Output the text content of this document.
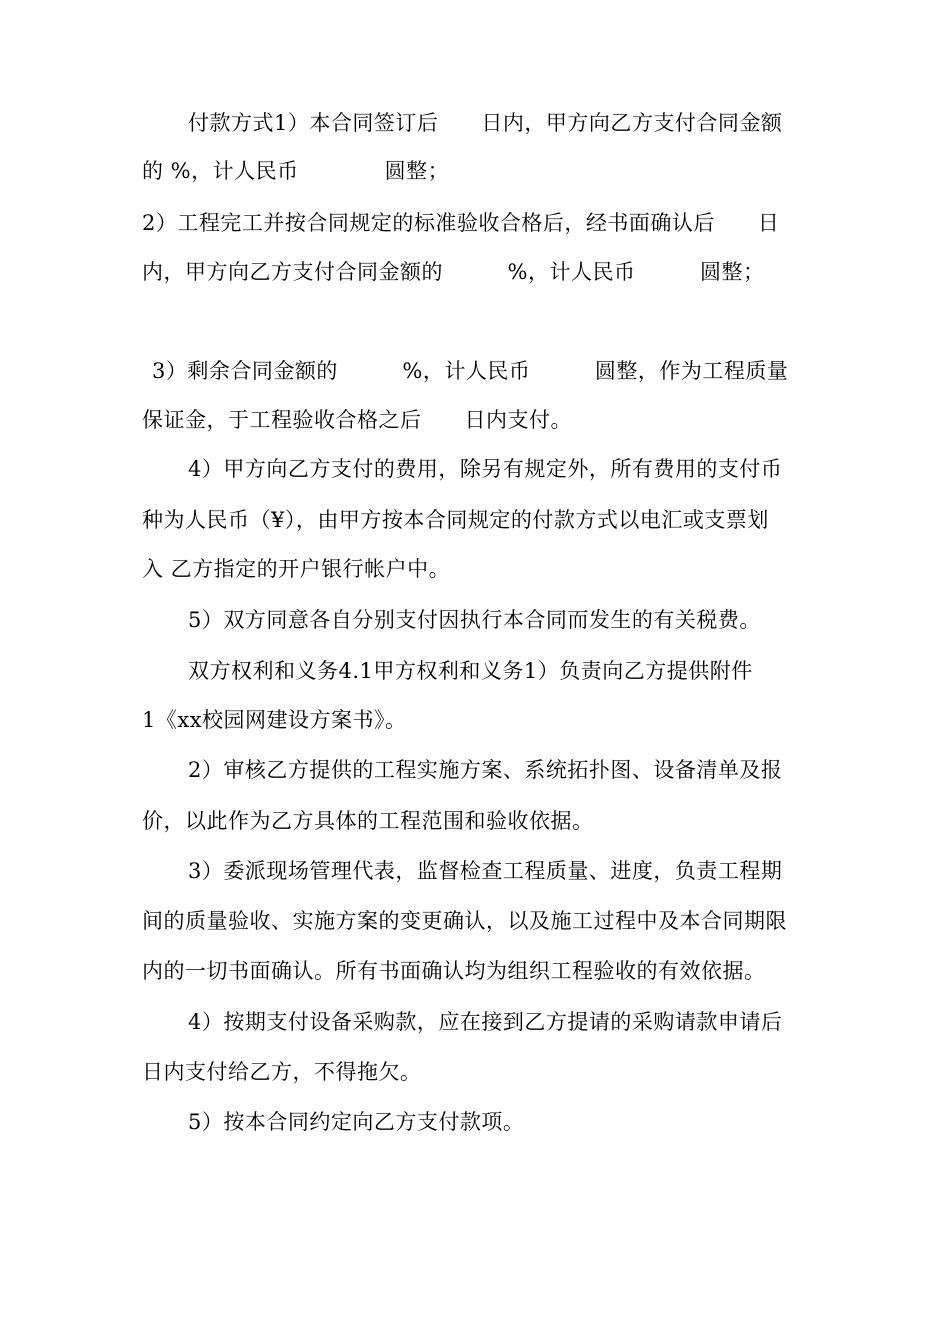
付款方式1）本合同签订后　　日内，甲方向乙方支付合同金额
的 %，计人民币　　　　圆整；
2）工程完工并按合同规定的标准验收合格后，经书面确认后　　日
内，甲方向乙方支付合同金额的　　　%，计人民币　　　圆整；
3）剩余合同金额的　　　%，计人民币　　　圆整，作为工程质量
保证金，于工程验收合格之后　　日内支付。
4）甲方向乙方支付的费用，除另有规定外，所有费用的支付币
种为人民币（¥），由甲方按本合同规定的付款方式以电汇或支票划
入 乙方指定的开户银行帐户中。
5）双方同意各自分别支付因执行本合同而发生的有关税费。
双方权利和义务4.1甲方权利和义务1）负责向乙方提供附件
1《xx校园网建设方案书》。
2）审核乙方提供的工程实施方案、系统拓扑图、设备清单及报
价，以此作为乙方具体的工程范围和验收依据。
3）委派现场管理代表，监督检查工程质量、进度，负责工程期
间的质量验收、实施方案的变更确认，以及施工过程中及本合同期限
内的一切书面确认。所有书面确认均为组织工程验收的有效依据。
4）按期支付设备采购款，应在接到乙方提请的采购请款申请后
日内支付给乙方，不得拖欠。
5）按本合同约定向乙方支付款项。
